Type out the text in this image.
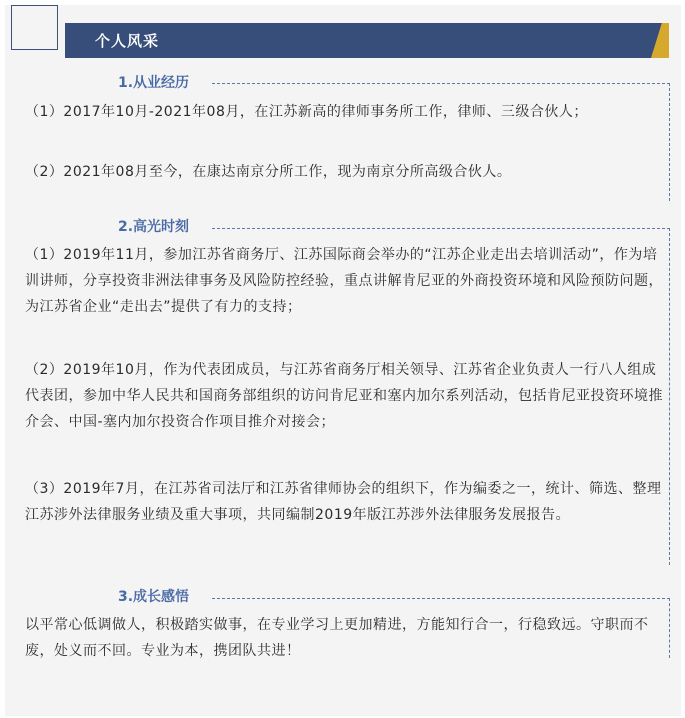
个人风采
1.从业经历

（1）2017年10月-2021年08月，在江苏新高的律师事务所工作，律师、三级合伙人；

（2）2021年08月至今，在康达南京分所工作，现为南京分所高级合伙人。

2.高光时刻

（1）2019年11月，参加江苏省商务厅、江苏国际商会举办的“江苏企业走出去培训活动”，作为培训讲师，分享投资非洲法律事务及风险防控经验，重点讲解肯尼亚的外商投资环境和风险预防问题，为江苏省企业“走出去”提供了有力的支持；

（2）2019年10月，作为代表团成员，与江苏省商务厅相关领导、江苏省企业负责人一行八人组成代表团，参加中华人民共和国商务部组织的访问肯尼亚和塞内加尔系列活动，包括肯尼亚投资环境推介会、中国-塞内加尔投资合作项目推介对接会；

（3）2019年7月，在江苏省司法厅和江苏省律师协会的组织下，作为编委之一，统计、筛选、整理江苏涉外法律服务业绩及重大事项，共同编制2019年版江苏涉外法律服务发展报告。

3.成长感悟

以平常心低调做人，积极踏实做事，在专业学习上更加精进，方能知行合一，行稳致远。守职而不废，处义而不回。专业为本，携团队共进！
